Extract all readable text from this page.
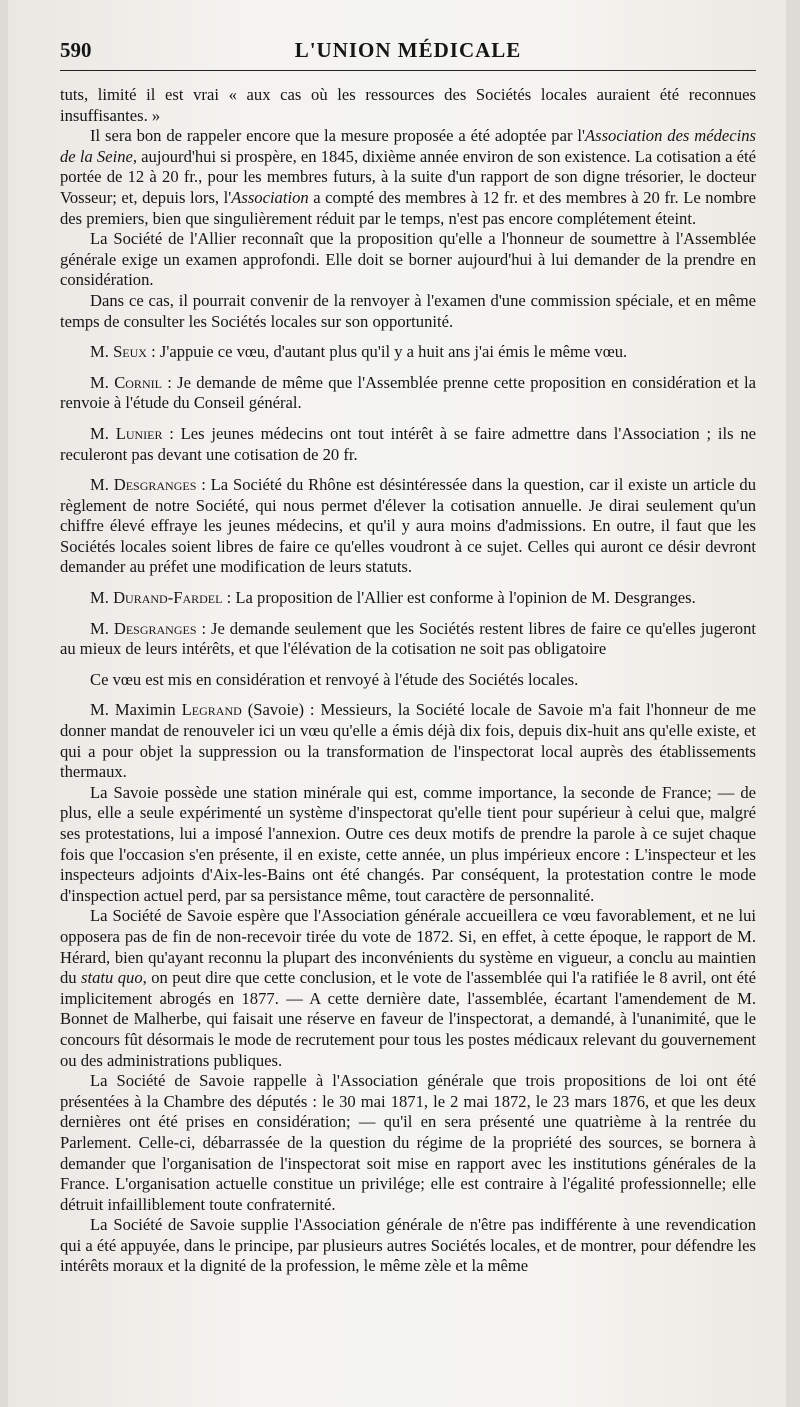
590	L'UNION MÉDICALE

tuts, limité il est vrai « aux cas où les ressources des Sociétés locales auraient été reconnues insuffisantes. »

Il sera bon de rappeler encore que la mesure proposée a été adoptée par l'Association des médecins de la Seine, aujourd'hui si prospère, en 1845, dixième année environ de son existence. La cotisation a été portée de 12 à 20 fr., pour les membres futurs, à la suite d'un rapport de son digne trésorier, le docteur Vosseur; et, depuis lors, l'Association a compté des membres à 12 fr. et des membres à 20 fr. Le nombre des premiers, bien que singulièrement réduit par le temps, n'est pas encore complétement éteint.

La Société de l'Allier reconnaît que la proposition qu'elle a l'honneur de soumettre à l'Assemblée générale exige un examen approfondi. Elle doit se borner aujourd'hui à lui demander de la prendre en considération.

Dans ce cas, il pourrait convenir de la renvoyer à l'examen d'une commission spéciale, et en même temps de consulter les Sociétés locales sur son opportunité.

M. Seux : J'appuie ce vœu, d'autant plus qu'il y a huit ans j'ai émis le même vœu.

M. Cornil : Je demande de même que l'Assemblée prenne cette proposition en considération et la renvoie à l'étude du Conseil général.

M. Lunier : Les jeunes médecins ont tout intérêt à se faire admettre dans l'Association ; ils ne reculeront pas devant une cotisation de 20 fr.

M. Desgranges : La Société du Rhône est désintéressée dans la question, car il existe un article du règlement de notre Société, qui nous permet d'élever la cotisation annuelle. Je dirai seulement qu'un chiffre élevé effraye les jeunes médecins, et qu'il y aura moins d'admissions. En outre, il faut que les Sociétés locales soient libres de faire ce qu'elles voudront à ce sujet. Celles qui auront ce désir devront demander au préfet une modification de leurs statuts.

M. Durand-Fardel : La proposition de l'Allier est conforme à l'opinion de M. Desgranges.

M. Desgranges : Je demande seulement que les Sociétés restent libres de faire ce qu'elles jugeront au mieux de leurs intérêts, et que l'élévation de la cotisation ne soit pas obligatoire

Ce vœu est mis en considération et renvoyé à l'étude des Sociétés locales.

M. Maximin Legrand (Savoie) : Messieurs, la Société locale de Savoie m'a fait l'honneur de me donner mandat de renouveler ici un vœu qu'elle a émis déjà dix fois, depuis dix-huit ans qu'elle existe, et qui a pour objet la suppression ou la transformation de l'inspectorat local auprès des établissements thermaux.

La Savoie possède une station minérale qui est, comme importance, la seconde de France; — de plus, elle a seule expérimenté un système d'inspectorat qu'elle tient pour supérieur à celui que, malgré ses protestations, lui a imposé l'annexion. Outre ces deux motifs de prendre la parole à ce sujet chaque fois que l'occasion s'en présente, il en existe, cette année, un plus impérieux encore : L'inspecteur et les inspecteurs adjoints d'Aix-les-Bains ont été changés. Par conséquent, la protestation contre le mode d'inspection actuel perd, par sa persistance même, tout caractère de personnalité.

La Société de Savoie espère que l'Association générale accueillera ce vœu favorablement, et ne lui opposera pas de fin de non-recevoir tirée du vote de 1872. Si, en effet, à cette époque, le rapport de M. Hérard, bien qu'ayant reconnu la plupart des inconvénients du système en vigueur, a conclu au maintien du statu quo, on peut dire que cette conclusion, et le vote de l'assemblée qui l'a ratifiée le 8 avril, ont été implicitement abrogés en 1877. — A cette dernière date, l'assemblée, écartant l'amendement de M. Bonnet de Malherbe, qui faisait une réserve en faveur de l'inspectorat, a demandé, à l'unanimité, que le concours fût désormais le mode de recrutement pour tous les postes médicaux relevant du gouvernement ou des administrations publiques.

La Société de Savoie rappelle à l'Association générale que trois propositions de loi ont été présentées à la Chambre des députés : le 30 mai 1871, le 2 mai 1872, le 23 mars 1876, et que les deux dernières ont été prises en considération; — qu'il en sera présenté une quatrième à la rentrée du Parlement. Celle-ci, débarrassée de la question du régime de la propriété des sources, se bornera à demander que l'organisation de l'inspectorat soit mise en rapport avec les institutions générales de la France. L'organisation actuelle constitue un privilége; elle est contraire à l'égalité professionnelle; elle détruit infailliblement toute confraternité.

La Société de Savoie supplie l'Association générale de n'être pas indifférente à une revendication qui a été appuyée, dans le principe, par plusieurs autres Sociétés locales, et de montrer, pour défendre les intérêts moraux et la dignité de la profession, le même zèle et la même
